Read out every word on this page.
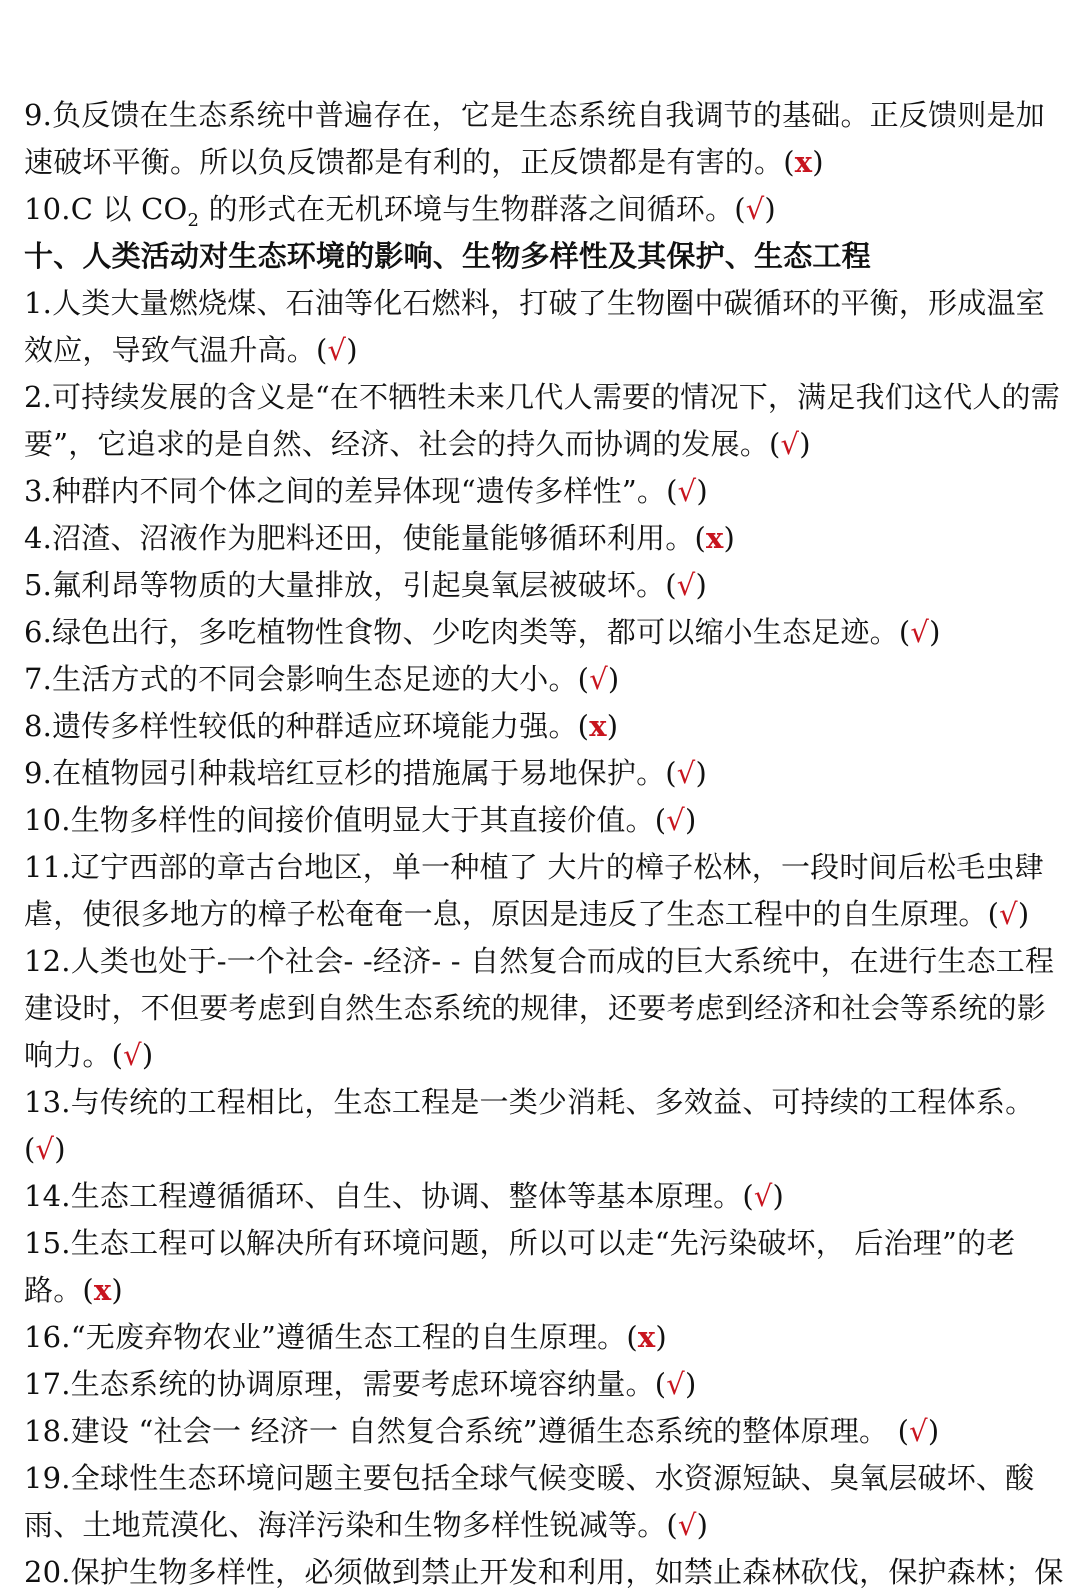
9.负反馈在生态系统中普遍存在，它是生态系统自我调节的基础。正反馈则是加速破坏平衡。所以负反馈都是有利的，正反馈都是有害的。(x)

10.C 以 $CO_2$ 的形式在无机环境与生物群落之间循环。(√)

十、人类活动对生态环境的影响、生物多样性及其保护、生态工程

1.人类大量燃烧煤、石油等化石燃料，打破了生物圈中碳循环的平衡，形成温室效应，导致气温升高。(√)

2.可持续发展的含义是“在不牺牲未来几代人需要的情况下，满足我们这代人的需要”，它追求的是自然、经济、社会的持久而协调的发展。(√)

3.种群内不同个体之间的差异体现“遗传多样性”。(√)

4.沼渣、沼液作为肥料还田，使能量能够循环利用。(x)

5.氟利昂等物质的大量排放，引起臭氧层被破坏。(√)

6.绿色出行，多吃植物性食物、少吃肉类等，都可以缩小生态足迹。(√)

7.生活方式的不同会影响生态足迹的大小。(√)

8.遗传多样性较低的种群适应环境能力强。(x)

9.在植物园引种栽培红豆杉的措施属于易地保护。(√)

10.生物多样性的间接价值明显大于其直接价值。(√)

11.辽宁西部的章古台地区，单一种植了 大片的樟子松林，一段时间后松毛虫肆虐，使很多地方的樟子松奄奄一息，原因是违反了生态工程中的自生原理。(√)

12.人类也处于-一个社会- -经济- - 自然复合而成的巨大系统中，在进行生态工程建设时，不但要考虑到自然生态系统的规律，还要考虑到经济和社会等系统的影响力。(√)

13.与传统的工程相比，生态工程是一类少消耗、多效益、可持续的工程体系。(√)

14.生态工程遵循循环、自生、协调、整体等基本原理。(√)

15.生态工程可以解决所有环境问题，所以可以走“先污染破坏， 后治理”的老路。(x)

16.“无废弃物农业”遵循生态工程的自生原理。(x)

17.生态系统的协调原理，需要考虑环境容纳量。(√)

18.建设 “社会一 经济一 自然复合系统”遵循生态系统的整体原理。 (√)

19.全球性生态环境问题主要包括全球气候变暖、水资源短缺、臭氧层破坏、酸雨、土地荒漠化、海洋污染和生物多样性锐减等。(√)

20.保护生物多样性，必须做到禁止开发和利用，如禁止森林砍伐，保护森林；保
